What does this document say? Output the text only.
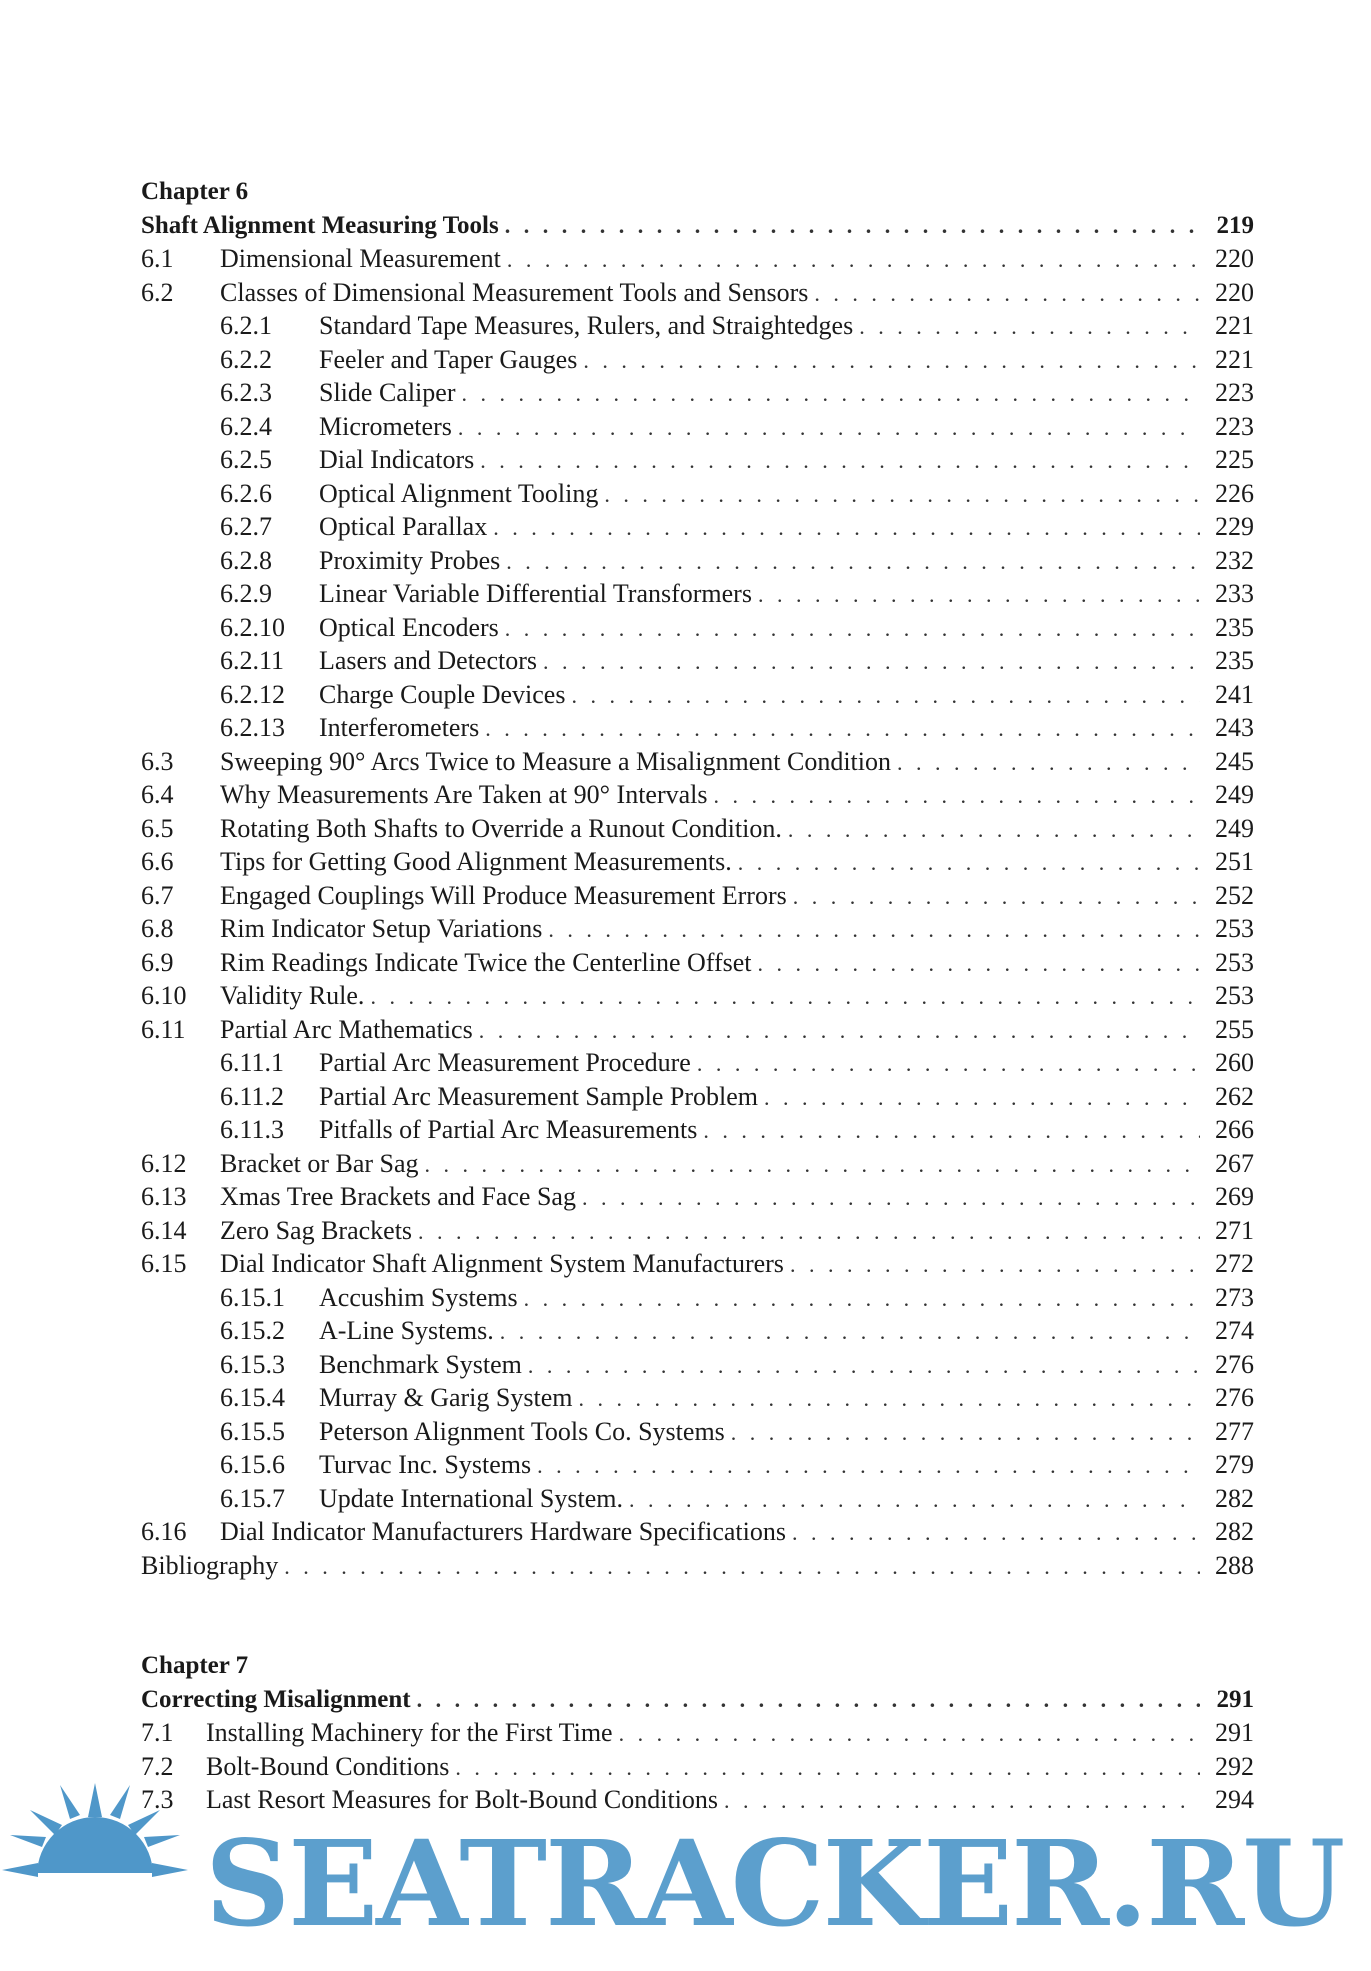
Chapter 6
Shaft Alignment Measuring Tools . . .	219
6.1	Dimensional Measurement . . .	220
6.2	Classes of Dimensional Measurement Tools and Sensors . . .	220
6.2.1	Standard Tape Measures, Rulers, and Straightedges . . .	221
6.2.2	Feeler and Taper Gauges . . .	221
6.2.3	Slide Caliper . . .	223
6.2.4	Micrometers . . .	223
6.2.5	Dial Indicators . . .	225
6.2.6	Optical Alignment Tooling . . .	226
6.2.7	Optical Parallax . . .	229
6.2.8	Proximity Probes . . .	232
6.2.9	Linear Variable Differential Transformers . . .	233
6.2.10	Optical Encoders . . .	235
6.2.11	Lasers and Detectors . . .	235
6.2.12	Charge Couple Devices . . .	241
6.2.13	Interferometers . . .	243
6.3	Sweeping 90° Arcs Twice to Measure a Misalignment Condition . . .	245
6.4	Why Measurements Are Taken at 90° Intervals . . .	249
6.5	Rotating Both Shafts to Override a Runout Condition. . . .	249
6.6	Tips for Getting Good Alignment Measurements. . . .	251
6.7	Engaged Couplings Will Produce Measurement Errors . . .	252
6.8	Rim Indicator Setup Variations . . .	253
6.9	Rim Readings Indicate Twice the Centerline Offset . . .	253
6.10	Validity Rule. . . .	253
6.11	Partial Arc Mathematics . . .	255
6.11.1	Partial Arc Measurement Procedure . . .	260
6.11.2	Partial Arc Measurement Sample Problem . . .	262
6.11.3	Pitfalls of Partial Arc Measurements . . .	266
6.12	Bracket or Bar Sag . . .	267
6.13	Xmas Tree Brackets and Face Sag . . .	269
6.14	Zero Sag Brackets . . .	271
6.15	Dial Indicator Shaft Alignment System Manufacturers . . .	272
6.15.1	Accushim Systems . . .	273
6.15.2	A-Line Systems. . . .	274
6.15.3	Benchmark System . . .	276
6.15.4	Murray & Garig System . . .	276
6.15.5	Peterson Alignment Tools Co. Systems . . .	277
6.15.6	Turvac Inc. Systems . . .	279
6.15.7	Update International System. . . .	282
6.16	Dial Indicator Manufacturers Hardware Specifications . . .	282
Bibliography . . .	288
Chapter 7
Correcting Misalignment . . .	291
7.1	Installing Machinery for the First Time . . .	291
7.2	Bolt-Bound Conditions . . .	292
7.3	Last Resort Measures for Bolt-Bound Conditions . . .	294
SEATRACKER.RU
